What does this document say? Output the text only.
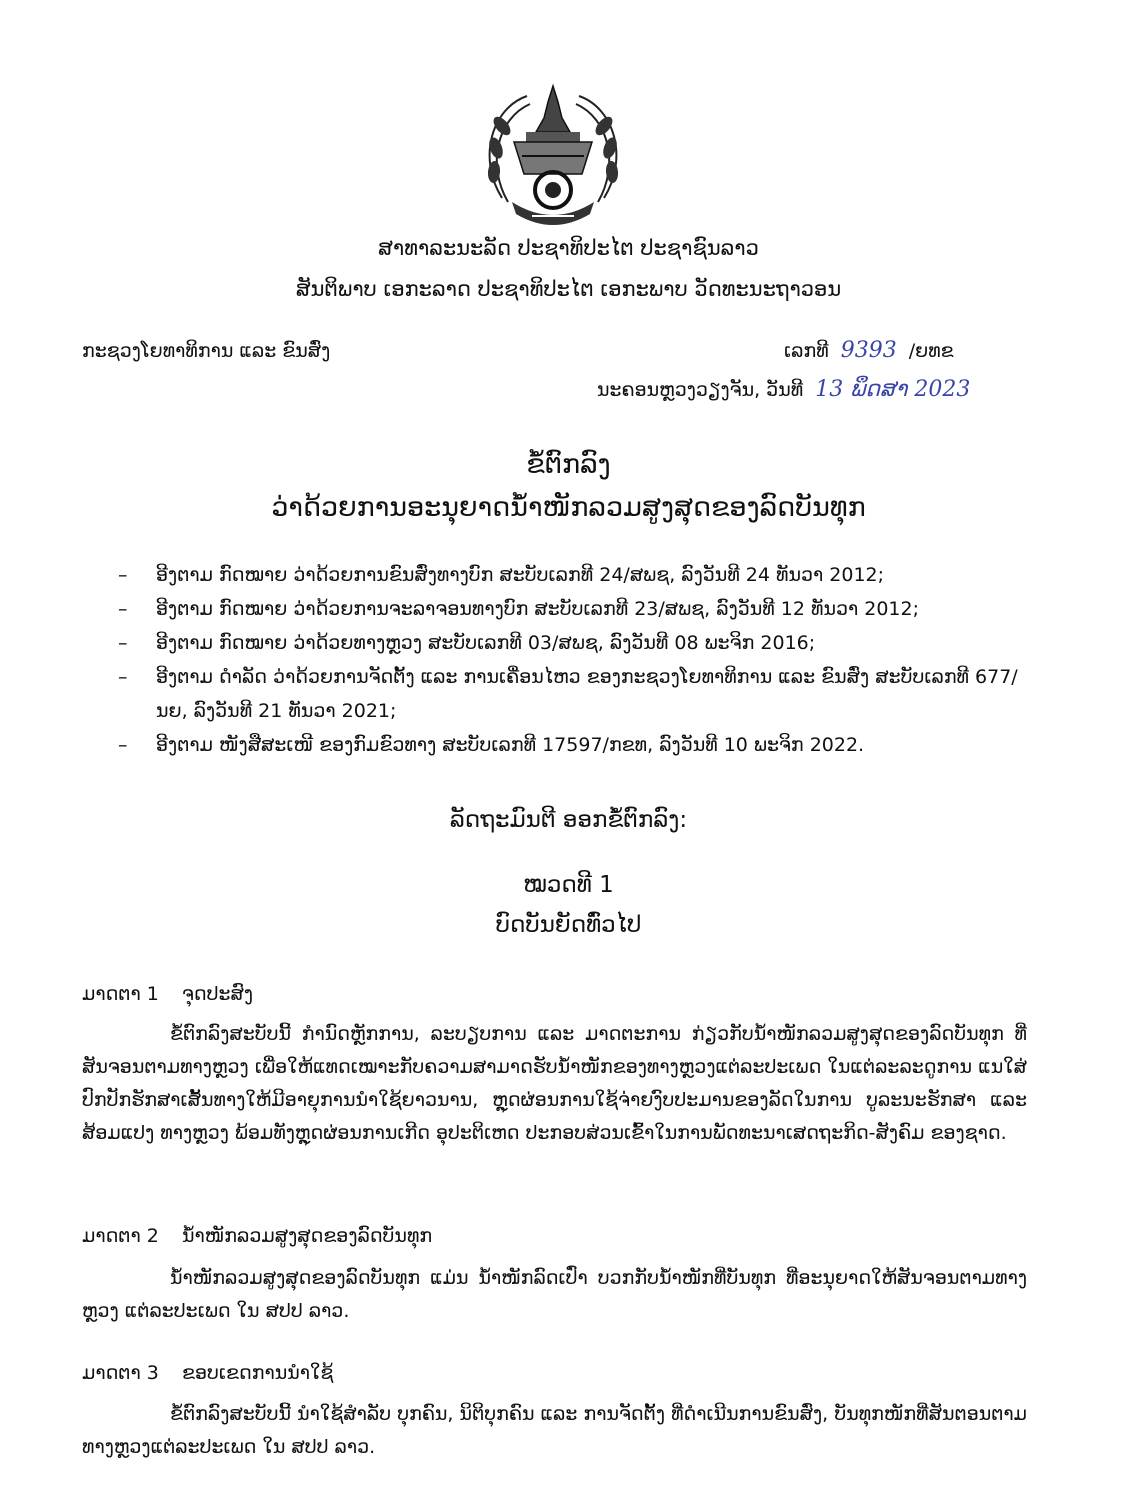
ສາທາລະນະລັດ ປະຊາທິປະໄຕ ປະຊາຊົນລາວ
ສັນຕິພາບ ເອກະລາດ ປະຊາທິປະໄຕ ເອກະພາບ ວັດທະນະຖາວອນ
ກະຊວງໂຍທາທິການ ແລະ ຂົນສົ່ງ	ເລກທີ 9393 /ຍທຂ
ນະຄອນຫຼວງວຽງຈັນ, ວັນທີ 13 ພຶດສາ 2023
ຂໍ້ຕົກລົງ
ວ່າດ້ວຍການອະນຸຍາດນ້ຳໜັກລວມສູງສຸດຂອງລົດບັນທຸກ
– ອີງຕາມ ກົດໝາຍ ວ່າດ້ວຍການຂົນສົ່ງທາງບົກ ສະບັບເລກທີ 24/ສພຊ, ລົງວັນທີ 24 ທັນວາ 2012;
– ອີງຕາມ ກົດໝາຍ ວ່າດ້ວຍການຈະລາຈອນທາງບົກ ສະບັບເລກທີ 23/ສພຊ, ລົງວັນທີ 12 ທັນວາ 2012;
– ອີງຕາມ ກົດໝາຍ ວ່າດ້ວຍທາງຫຼວງ ສະບັບເລກທີ 03/ສພຊ, ລົງວັນທີ 08 ພະຈິກ 2016;
– ອີງຕາມ ດຳລັດ ວ່າດ້ວຍການຈັດຕັ້ງ ແລະ ການເຄື່ອນໄຫວ ຂອງກະຊວງໂຍທາທິການ ແລະ ຂົນສົ່ງ ສະບັບເລກທີ 677/ນຍ, ລົງວັນທີ 21 ທັນວາ 2021;
– ອີງຕາມ ໜັງສືສະເໜີ ຂອງກົມຂົວທາງ ສະບັບເລກທີ 17597/ກຂທ, ລົງວັນທີ 10 ພະຈິກ 2022.
ລັດຖະມົນຕີ ອອກຂໍ້ຕົກລົງ:
ໝວດທີ 1
ບົດບັນຍັດທົ່ວໄປ
ມາດຕາ 1 ຈຸດປະສົງ

ຂໍ້ຕົກລົງສະບັບນີ້ ກຳນົດຫຼັກການ, ລະບຽບການ ແລະ ມາດຕະການ ກ່ຽວກັບນ້ຳໜັກລວມສູງສຸດຂອງລົດບັນທຸກ ທີ່ສັນຈອນຕາມທາງຫຼວງ ເພື່ອໃຫ້ແທດເໝາະກັບຄວາມສາມາດຮັບນ້ຳໜັກຂອງທາງຫຼວງແຕ່ລະປະເພດ ໃນແຕ່ລະລະດູການ ແນໃສ່ປົກປັກຮັກສາເສັ້ນທາງໃຫ້ມີອາຍຸການນຳໃຊ້ຍາວນານ, ຫຼຸດຜ່ອນການໃຊ້ຈ່າຍງົບປະມານຂອງລັດໃນການ ບູລະນະຮັກສາ ແລະ ສ້ອມແປງ ທາງຫຼວງ ພ້ອມທັງຫຼຸດຜ່ອນການເກີດ ອຸປະຕິເຫດ ປະກອບສ່ວນເຂົ້າໃນການພັດທະນາເສດຖະກິດ-ສັງຄົມ ຂອງຊາດ.

ມາດຕາ 2 ນ້ຳໜັກລວມສູງສຸດຂອງລົດບັນທຸກ

ນ້ຳໜັກລວມສູງສຸດຂອງລົດບັນທຸກ ແມ່ນ ນ້ຳໜັກລົດເປົ່າ ບວກກັບນ້ຳໜັກທີ່ບັນທຸກ ທີ່ອະນຸຍາດໃຫ້ສັນຈອນຕາມທາງຫຼວງ ແຕ່ລະປະເພດ ໃນ ສປປ ລາວ.

ມາດຕາ 3 ຂອບເຂດການນຳໃຊ້

ຂໍ້ຕົກລົງສະບັບນີ້ ນຳໃຊ້ສຳລັບ ບຸກຄົນ, ນິຕິບຸກຄົນ ແລະ ການຈັດຕັ້ງ ທີ່ດຳເນີນການຂົນສົ່ງ, ບັນທຸກໜັກທີ່ສັນຕອນຕາມທາງຫຼວງແຕ່ລະປະເພດ ໃນ ສປປ ລາວ.
